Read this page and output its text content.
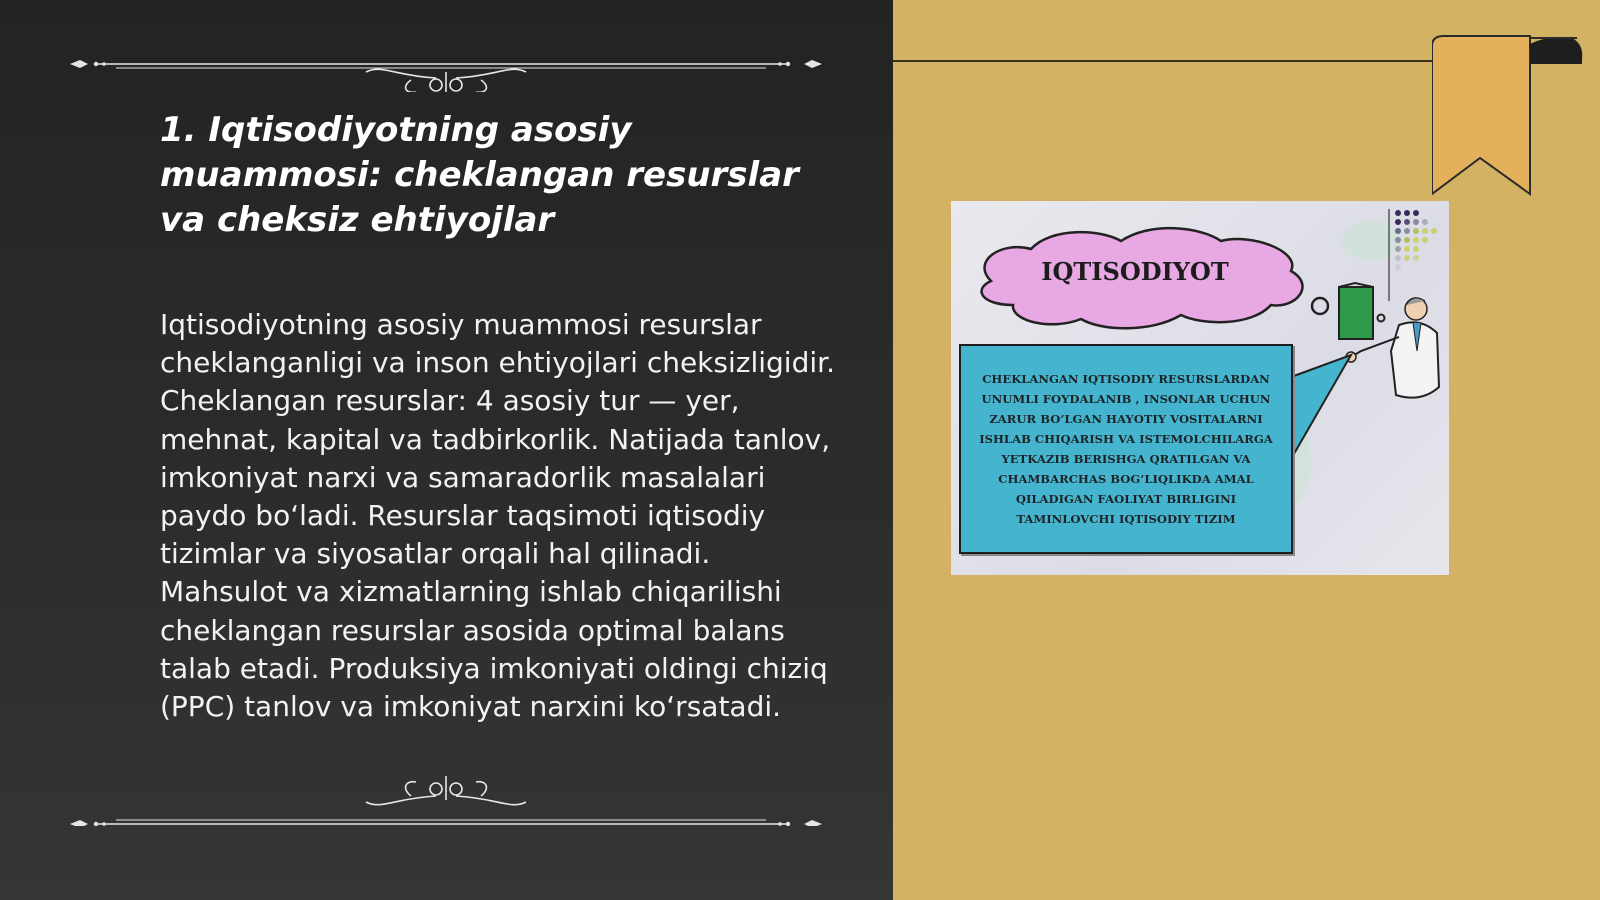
1. Iqtisodiyotning asosiy muammosi: cheklangan resurslar va cheksiz ehtiyojlar

Iqtisodiyotning asosiy muammosi resurslar cheklanganligi va inson ehtiyojlari cheksizligidir. Cheklangan resurslar: 4 asosiy tur — yer, mehnat, kapital va tadbirkorlik. Natijada tanlov, imkoniyat narxi va samaradorlik masalalari paydo bo‘ladi. Resurslar taqsimoti iqtisodiy tizimlar va siyosatlar orqali hal qilinadi. Mahsulot va xizmatlarning ishlab chiqarilishi cheklangan resurslar asosida optimal balans talab etadi. Produksiya imkoniyati oldingi chiziq (PPC) tanlov va imkoniyat narxini ko‘rsatadi.

IQTISODIYOT
CHEKLANGAN IQTISODIY RESURSLARDAN UNUMLI FOYDALANIB , INSONLAR UCHUN ZARUR BO’LGAN HAYOTIY VOSITALARNI ISHLAB CHIQARISH VA ISTEMOLCHILARGA YETKAZIB BERISHGA QRATILGAN VA CHAMBARCHAS BOG’LIQLIKDA AMAL QILADIGAN FAOLIYAT BIRLIGINI TAMINLOVCHI IQTISODIY TIZIM
